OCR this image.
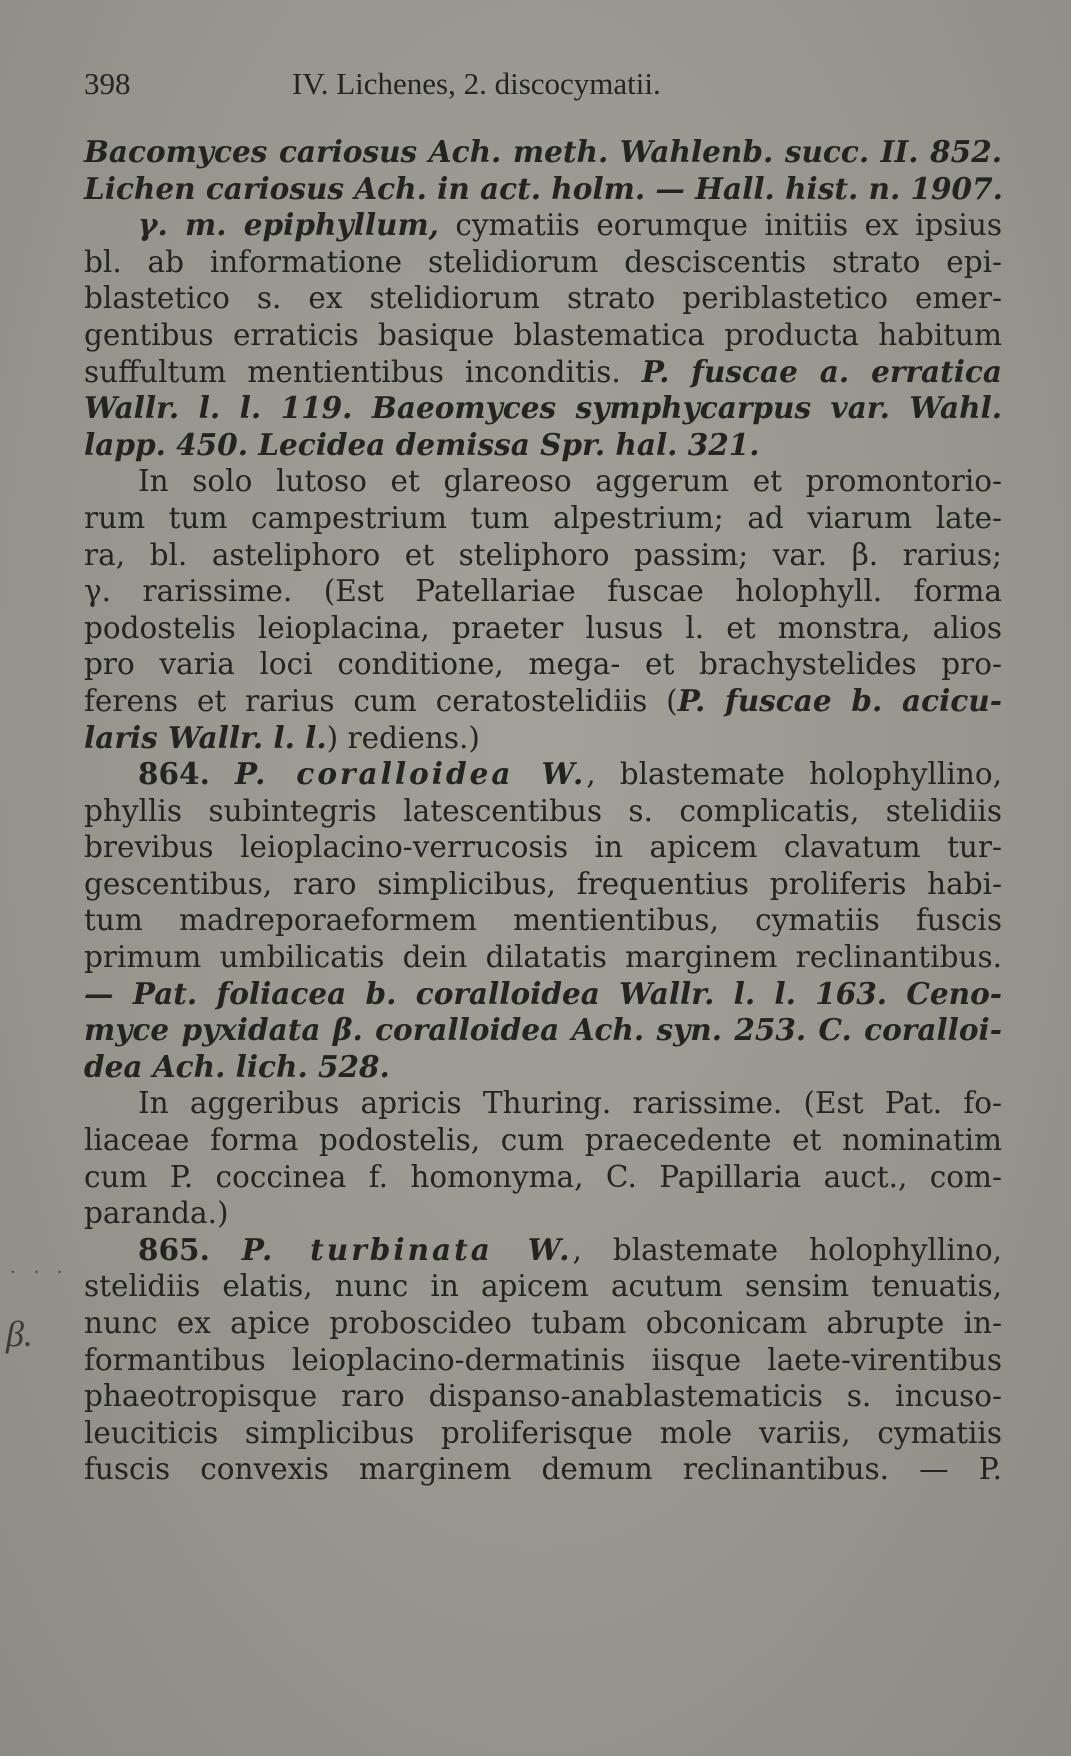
398	IV. Lichenes, 2. discocymatii.
Bacomyces cariosus Ach. meth. Wahlenb. succ. II. 852.
Lichen cariosus Ach. in act. holm. — Hall. hist. n. 1907.
γ. m. epiphyllum, cymatiis eorumque initiis ex ipsius
bl. ab informatione stelidiorum desciscentis strato epi-
blastetico s. ex stelidiorum strato periblastetico emer-
gentibus erraticis basique blastematica producta habitum
suffultum mentientibus inconditis. P. fuscae a. erratica
Wallr. l. l. 119. Baeomyces symphycarpus var. Wahl.
lapp. 450. Lecidea demissa Spr. hal. 321.
In solo lutoso et glareoso aggerum et promontorio-
rum tum campestrium tum alpestrium; ad viarum late-
ra, bl. asteliphoro et steliphoro passim; var. β. rarius;
γ. rarissime. (Est Patellariae fuscae holophyll. forma
podostelis leioplacina, praeter lusus l. et monstra, alios
pro varia loci conditione, mega- et brachystelides pro-
ferens et rarius cum ceratostelidiis (P. fuscae b. acicu-
laris Wallr. l. l.) rediens.)
864. P. coralloidea W., blastemate holophyllino,
phyllis subintegris latescentibus s. complicatis, stelidiis
brevibus leioplacino-verrucosis in apicem clavatum tur-
gescentibus, raro simplicibus, frequentius proliferis habi-
tum madreporaeformem mentientibus, cymatiis fuscis
primum umbilicatis dein dilatatis marginem reclinantibus.
— Pat. foliacea b. coralloidea Wallr. l. l. 163. Ceno-
myce pyxidata β. coralloidea Ach. syn. 253. C. coralloi-
dea Ach. lich. 528.
In aggeribus apricis Thuring. rarissime. (Est Pat. fo-
liaceae forma podostelis, cum praecedente et nominatim
cum P. coccinea f. homonyma, C. Papillaria auct., com-
paranda.)
865. P. turbinata W., blastemate holophyllino,
stelidiis elatis, nunc in apicem acutum sensim tenuatis,
nunc ex apice proboscideo tubam obconicam abrupte in-
formantibus leioplacino-dermatinis iisque laete-virentibus
phaeotropisque raro dispanso-anablastematicis s. incuso-
leuciticis simplicibus proliferisque mole variis, cymatiis
fuscis convexis marginem demum reclinantibus. — P.
· · ·
β.
